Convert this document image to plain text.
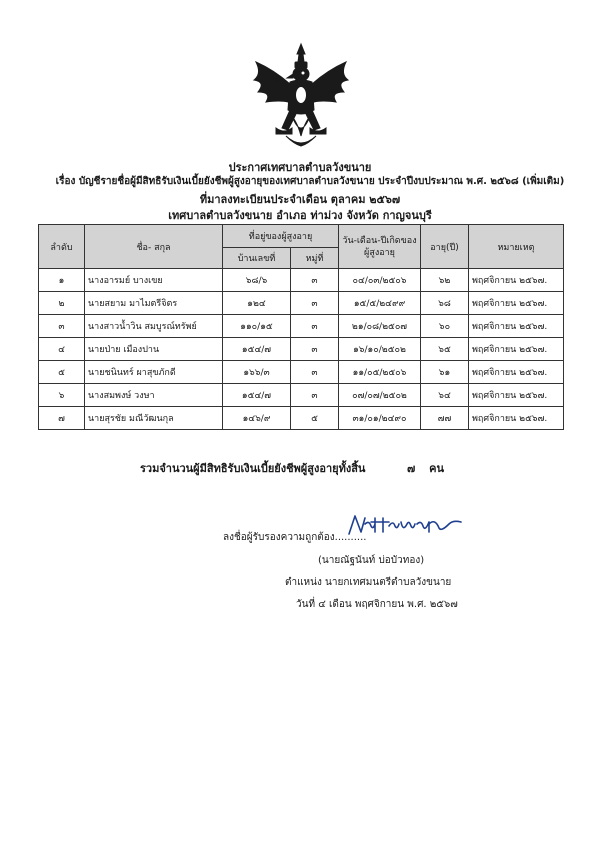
ประกาศเทศบาลตำบลวังขนาย
เรื่อง บัญชีรายชื่อผู้มีสิทธิรับเงินเบี้ยยังชีพผู้สูงอายุของเทศบาลตำบลวังขนาย ประจำปีงบประมาณ พ.ศ. ๒๕๖๘ (เพิ่มเติม)
ที่มาลงทะเบียนประจำเดือน ตุลาคม ๒๕๖๗
เทศบาลตำบลวังขนาย อำเภอ ท่าม่วง จังหวัด กาญจนบุรี
ลำดับ	ชื่อ- สกุล	ที่อยู่ของผู้สูงอายุ		วัน-เดือน-ปีเกิดของผู้สูงอายุ	อายุ(ปี)	หมายเหตุ
		บ้านเลขที่	หมู่ที่			
๑	นางอารมย์ บางเขย	๖๘/๖	๓	๐๔/๐๓/๒๕๐๖	๖๒	พฤศจิกายน ๒๕๖๗.
๒	นายสยาม มาไมตรีจิตร	๑๒๔	๓	๑๕/๕/๒๔๙๙	๖๘	พฤศจิกายน ๒๕๖๗.
๓	นางสาวน้ำวิน สมบูรณ์ทรัพย์	๑๑๐/๑๕	๓	๒๑/๐๘/๒๕๐๗	๖๐	พฤศจิกายน ๒๕๖๗.
๔	นายป่าย เมืองปาน	๑๕๔/๗	๓	๑๖/๑๐/๒๕๐๒	๖๕	พฤศจิกายน ๒๕๖๗.
๕	นายชนินทร์ ผาสุขภักดี	๑๖๖/๓	๓	๑๑/๐๕/๒๕๐๖	๖๑	พฤศจิกายน ๒๕๖๗.
๖	นางสมพงษ์ วงษา	๑๕๔/๗	๓	๐๗/๐๗/๒๕๐๒	๖๔	พฤศจิกายน ๒๕๖๗.
๗	นายสุรชัย มณีวัฒนกุล	๑๔๖/๙	๕	๓๑/๐๑/๒๔๙๐	๗๗	พฤศจิกายน ๒๕๖๗.
รวมจำนวนผู้มีสิทธิรับเงินเบี้ยยังชีพผู้สูงอายุทั้งสิ้น	๗ คน
ลงชื่อผู้รับรองความถูกต้อง..........
(นายณัฐนันท์ บ่อบัวทอง)
ตำแหน่ง นายกเทศมนตรีตำบลวังขนาย
วันที่ ๔ เดือน พฤศจิกายน พ.ศ. ๒๕๖๗
